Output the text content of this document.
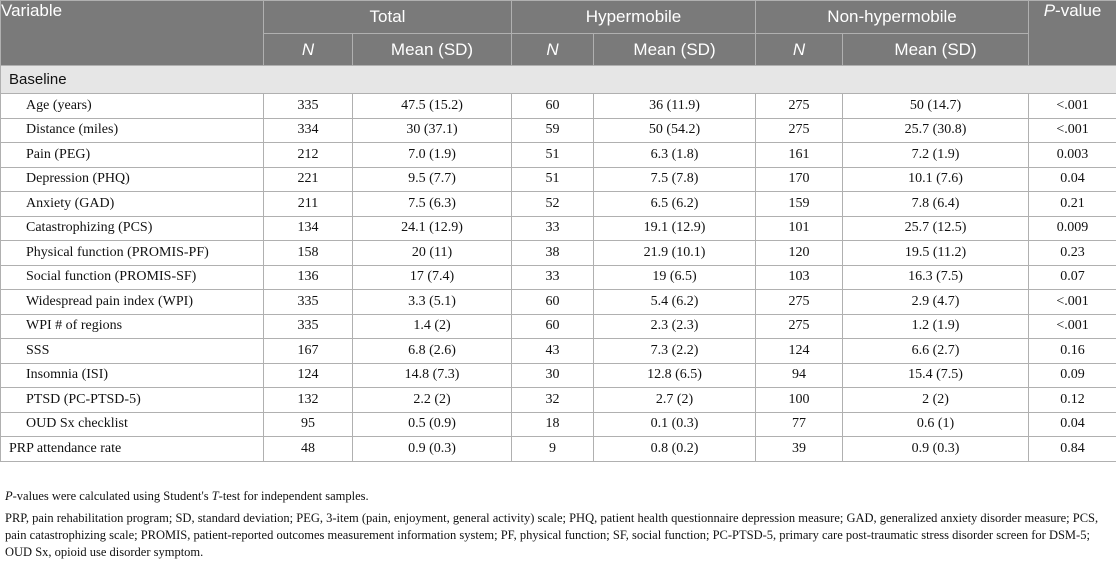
Variable	Total		Hypermobile		Non-hypermobile		P-value
	N	Mean (SD)	N	Mean (SD)	N	Mean (SD)	
Baseline							
Age (years)	335	47.5 (15.2)	60	36 (11.9)	275	50 (14.7)	<.001
Distance (miles)	334	30 (37.1)	59	50 (54.2)	275	25.7 (30.8)	<.001
Pain (PEG)	212	7.0 (1.9)	51	6.3 (1.8)	161	7.2 (1.9)	0.003
Depression (PHQ)	221	9.5 (7.7)	51	7.5 (7.8)	170	10.1 (7.6)	0.04
Anxiety (GAD)	211	7.5 (6.3)	52	6.5 (6.2)	159	7.8 (6.4)	0.21
Catastrophizing (PCS)	134	24.1 (12.9)	33	19.1 (12.9)	101	25.7 (12.5)	0.009
Physical function (PROMIS-PF)	158	20 (11)	38	21.9 (10.1)	120	19.5 (11.2)	0.23
Social function (PROMIS-SF)	136	17 (7.4)	33	19 (6.5)	103	16.3 (7.5)	0.07
Widespread pain index (WPI)	335	3.3 (5.1)	60	5.4 (6.2)	275	2.9 (4.7)	<.001
WPI # of regions	335	1.4 (2)	60	2.3 (2.3)	275	1.2 (1.9)	<.001
SSS	167	6.8 (2.6)	43	7.3 (2.2)	124	6.6 (2.7)	0.16
Insomnia (ISI)	124	14.8 (7.3)	30	12.8 (6.5)	94	15.4 (7.5)	0.09
PTSD (PC-PTSD-5)	132	2.2 (2)	32	2.7 (2)	100	2 (2)	0.12
OUD Sx checklist	95	0.5 (0.9)	18	0.1 (0.3)	77	0.6 (1)	0.04
PRP attendance rate	48	0.9 (0.3)	9	0.8 (0.2)	39	0.9 (0.3)	0.84

P-values were calculated using Student's T-test for independent samples.

PRP, pain rehabilitation program; SD, standard deviation; PEG, 3-item (pain, enjoyment, general activity) scale; PHQ, patient health questionnaire depression measure; GAD, generalized anxiety disorder measure; PCS, pain catastrophizing scale; PROMIS, patient-reported outcomes measurement information system; PF, physical function; SF, social function; PC-PTSD-5, primary care post-traumatic stress disorder screen for DSM-5; OUD Sx, opioid use disorder symptom.
